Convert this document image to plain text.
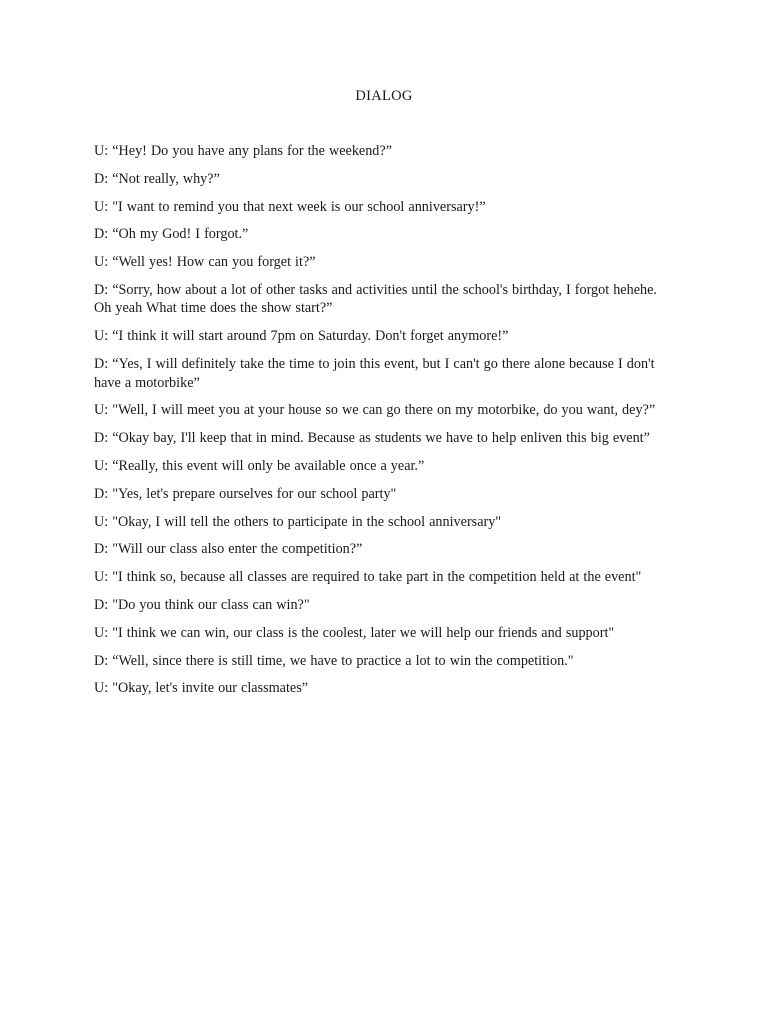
DIALOG
U: “Hey! Do you have any plans for the weekend?”
D: “Not really, why?”
U: "I want to remind you that next week is our school anniversary!”
D: “Oh my God! I forgot.”
U: “Well yes! How can you forget it?”
D: “Sorry, how about a lot of other tasks and activities until the school's birthday, I forgot hehehe. Oh yeah What time does the show start?”
U: “I think it will start around 7pm on Saturday. Don't forget anymore!”
D: “Yes, I will definitely take the time to join this event, but I can't go there alone because I don't have a motorbike”
U: "Well, I will meet you at your house so we can go there on my motorbike, do you want, dey?”
D: “Okay bay, I'll keep that in mind. Because as students we have to help enliven this big event”
U: “Really, this event will only be available once a year.”
D: "Yes, let's prepare ourselves for our school party"
U: "Okay, I will tell the others to participate in the school anniversary"
D: "Will our class also enter the competition?”
U: "I think so, because all classes are required to take part in the competition held at the event"
D: "Do you think our class can win?"
U: "I think we can win, our class is the coolest, later we will help our friends and support"
D: “Well, since there is still time, we have to practice a lot to win the competition."
U: "Okay, let's invite our classmates”
